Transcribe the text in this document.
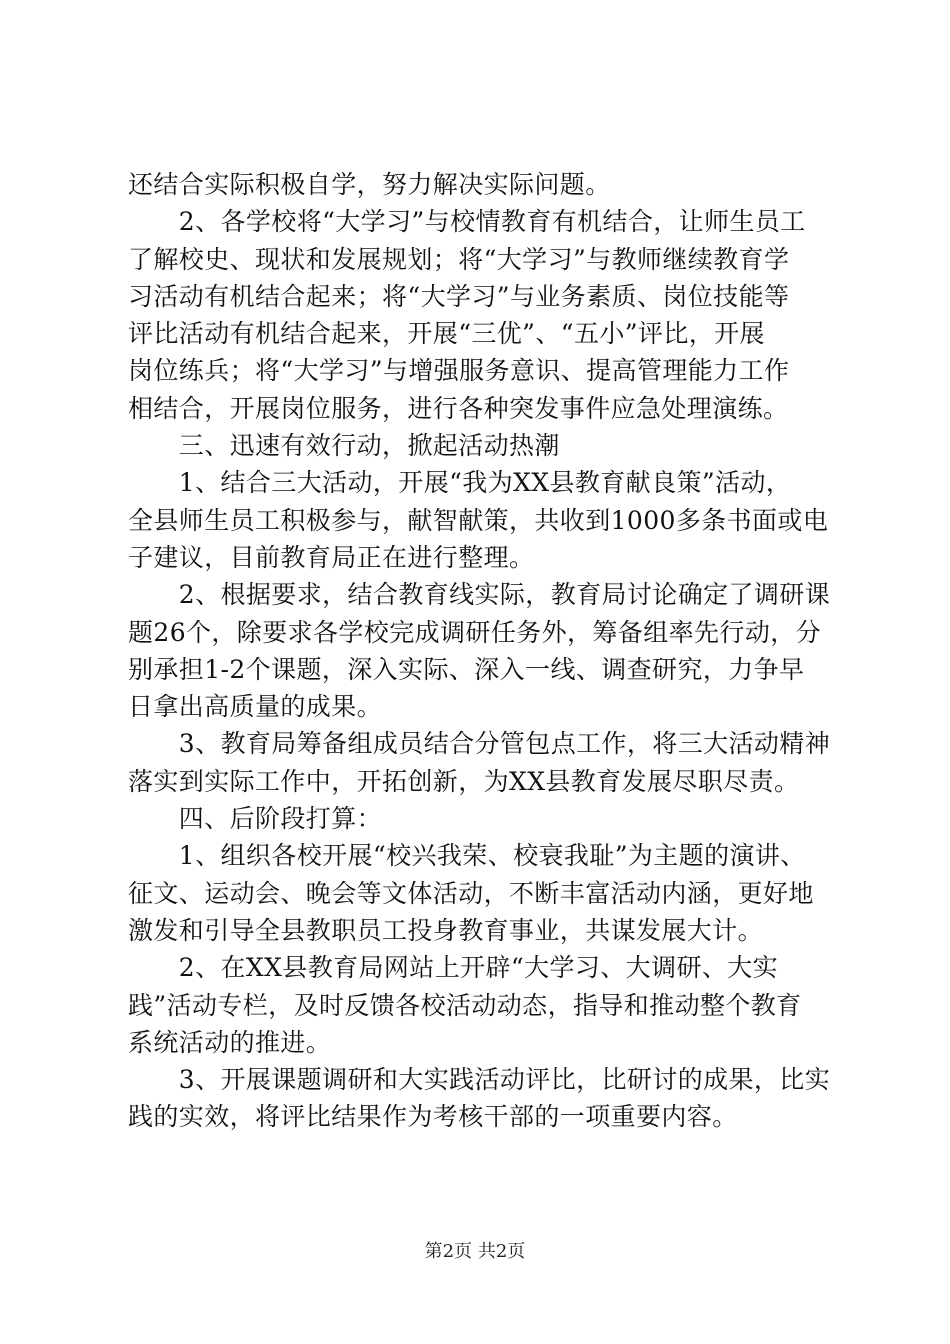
还结合实际积极自学，努力解决实际问题。
　　2、各学校将“大学习”与校情教育有机结合，让师生员工
了解校史、现状和发展规划；将“大学习”与教师继续教育学
习活动有机结合起来；将“大学习”与业务素质、岗位技能等
评比活动有机结合起来，开展“三优”、“五小”评比，开展
岗位练兵；将“大学习”与增强服务意识、提高管理能力工作
相结合，开展岗位服务，进行各种突发事件应急处理演练。
　　三、迅速有效行动，掀起活动热潮
　　1、结合三大活动，开展“我为XX县教育献良策”活动，
全县师生员工积极参与，献智献策，共收到1000多条书面或电
子建议，目前教育局正在进行整理。
　　2、根据要求，结合教育线实际，教育局讨论确定了调研课
题26个，除要求各学校完成调研任务外，筹备组率先行动，分
别承担1-2个课题，深入实际、深入一线、调查研究，力争早
日拿出高质量的成果。
　　3、教育局筹备组成员结合分管包点工作，将三大活动精神
落实到实际工作中，开拓创新，为XX县教育发展尽职尽责。
　　四、后阶段打算：
　　1、组织各校开展“校兴我荣、校衰我耻”为主题的演讲、
征文、运动会、晚会等文体活动，不断丰富活动内涵，更好地
激发和引导全县教职员工投身教育事业，共谋发展大计。
　　2、在XX县教育局网站上开辟“大学习、大调研、大实
践”活动专栏，及时反馈各校活动动态，指导和推动整个教育
系统活动的推进。
　　3、开展课题调研和大实践活动评比，比研讨的成果，比实
践的实效，将评比结果作为考核干部的一项重要内容。
第2页 共2页
